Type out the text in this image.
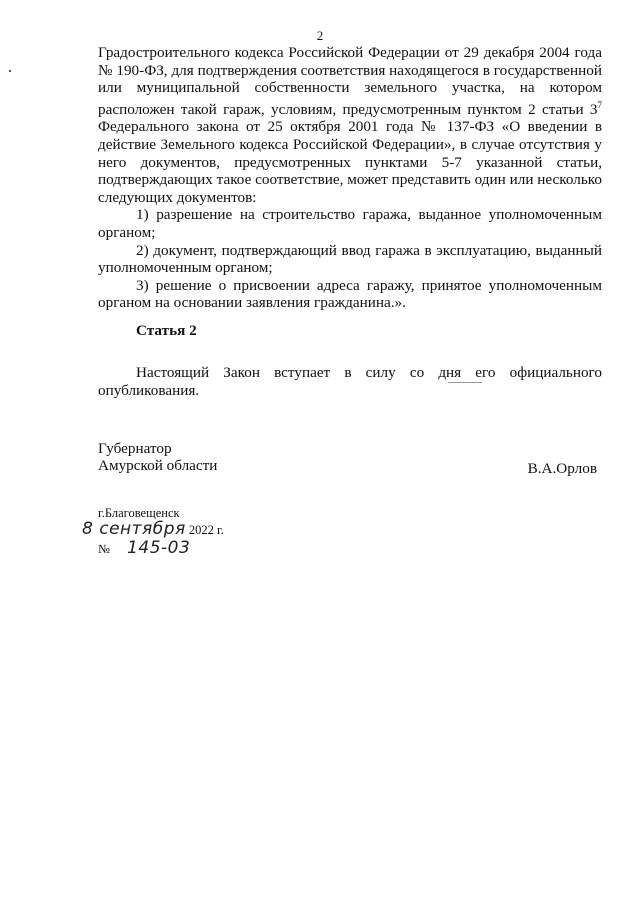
2

Градостроительного кодекса Российской Федерации от 29 декабря 2004 года № 190-ФЗ, для подтверждения соответствия находящегося в государственной или муниципальной собственности земельного участка, на котором расположен такой гараж, условиям, предусмотренным пунктом 2 статьи $3^7$ Федерального закона от 25 октября 2001 года № 137-ФЗ «О введении в действие Земельного кодекса Российской Федерации», в случае отсутствия у него документов, предусмотренных пунктами 5-7 указанной статьи, подтверждающих такое соответствие, может представить один или несколько следующих документов:

1) разрешение на строительство гаража, выданное уполномоченным органом;

2) документ, подтверждающий ввод гаража в эксплуатацию, выданный уполномоченным органом;

3) решение о присвоении адреса гаражу, принятое уполномоченным органом на основании заявления гражданина.».

Статья 2
Настоящий Закон вступает в силу со дня его официального опубликования.
Губернатор
Амурской области	В.А.Орлов
г.Благовещенск
8 сентября 2022 г.
№ 145-03
